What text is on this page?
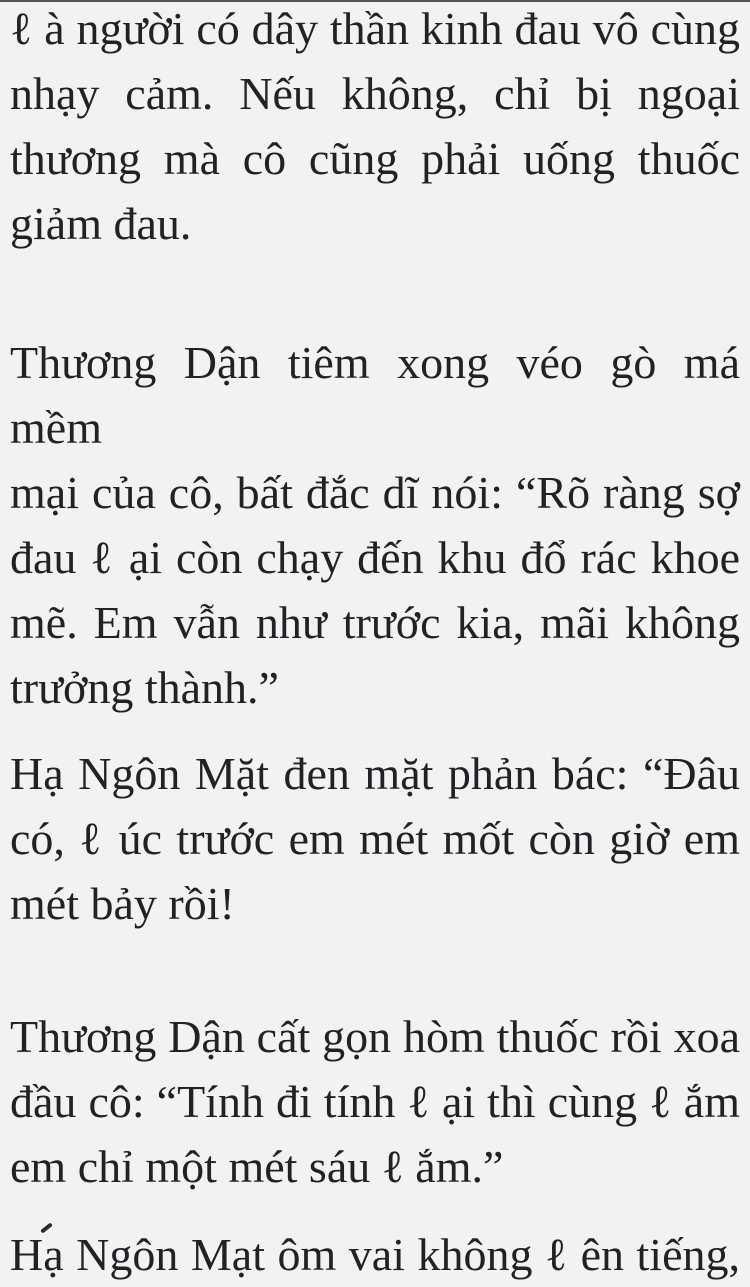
ℓ à người có dây thần kinh đau vô cùng
nhạy cảm. Nếu không, chỉ bị ngoại
thương mà cô cũng phải uống thuốc
giảm đau.

Thương Dận tiêm xong véo gò má mềm
mại của cô, bất đắc dĩ nói: “Rõ ràng sợ
đau ℓ ại còn chạy đến khu đổ rác khoe
mẽ. Em vẫn như trước kia, mãi không
trưởng thành.”

Hạ Ngôn Mặt đen mặt phản bác: “Đâu
có, ℓ úc trước em mét mốt còn giờ em
mét bảy rồi!

Thương Dận cất gọn hòm thuốc rồi xoa
đầu cô: “Tính đi tính ℓ ại thì cùng ℓ ắm
em chỉ một mét sáu ℓ ắm.”

Hạ Ngôn Mạt ôm vai không ℓ ên tiếng,
